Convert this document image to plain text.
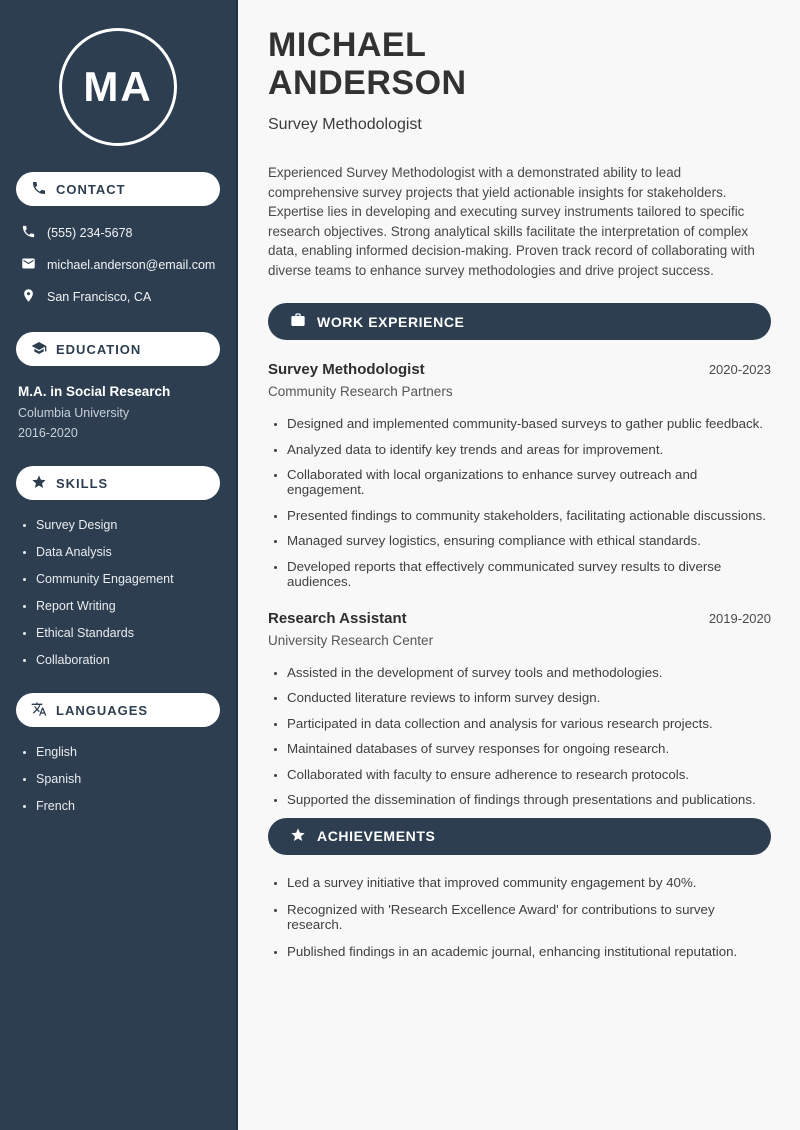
MA
CONTACT
(555) 234-5678
michael.anderson@email.com
San Francisco, CA
EDUCATION
M.A. in Social Research
Columbia University
2016-2020
SKILLS
• Survey Design
• Data Analysis
• Community Engagement
• Report Writing
• Ethical Standards
• Collaboration
LANGUAGES
• English
• Spanish
• French
MICHAEL
ANDERSON
Survey Methodologist

Experienced Survey Methodologist with a demonstrated ability to lead comprehensive survey projects that yield actionable insights for stakeholders. Expertise lies in developing and executing survey instruments tailored to specific research objectives. Strong analytical skills facilitate the interpretation of complex data, enabling informed decision-making. Proven track record of collaborating with diverse teams to enhance survey methodologies and drive project success.

WORK EXPERIENCE
Survey Methodologist	2020-2023
Community Research Partners
• Designed and implemented community-based surveys to gather public feedback.
• Analyzed data to identify key trends and areas for improvement.
• Collaborated with local organizations to enhance survey outreach and engagement.
• Presented findings to community stakeholders, facilitating actionable discussions.
• Managed survey logistics, ensuring compliance with ethical standards.
• Developed reports that effectively communicated survey results to diverse audiences.
Research Assistant	2019-2020
University Research Center
• Assisted in the development of survey tools and methodologies.
• Conducted literature reviews to inform survey design.
• Participated in data collection and analysis for various research projects.
• Maintained databases of survey responses for ongoing research.
• Collaborated with faculty to ensure adherence to research protocols.
• Supported the dissemination of findings through presentations and publications.
ACHIEVEMENTS
• Led a survey initiative that improved community engagement by 40%.
• Recognized with 'Research Excellence Award' for contributions to survey research.
• Published findings in an academic journal, enhancing institutional reputation.
